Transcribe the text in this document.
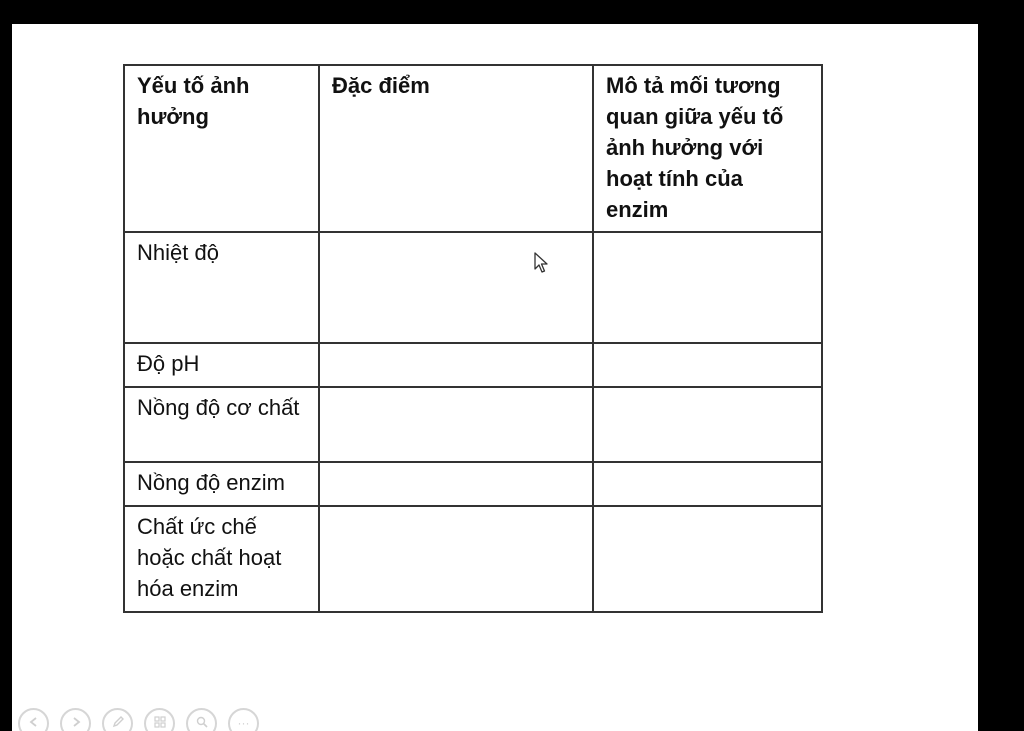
Yếu tố ảnh hưởng	Đặc điểm	Mô tả mối tương quan giữa yếu tố ảnh hưởng với hoạt tính của enzim
Nhiệt độ		
Độ pH		
Nồng độ cơ chất		
Nồng độ enzim		
Chất ức chế hoặc chất hoạt hóa enzim		
···
